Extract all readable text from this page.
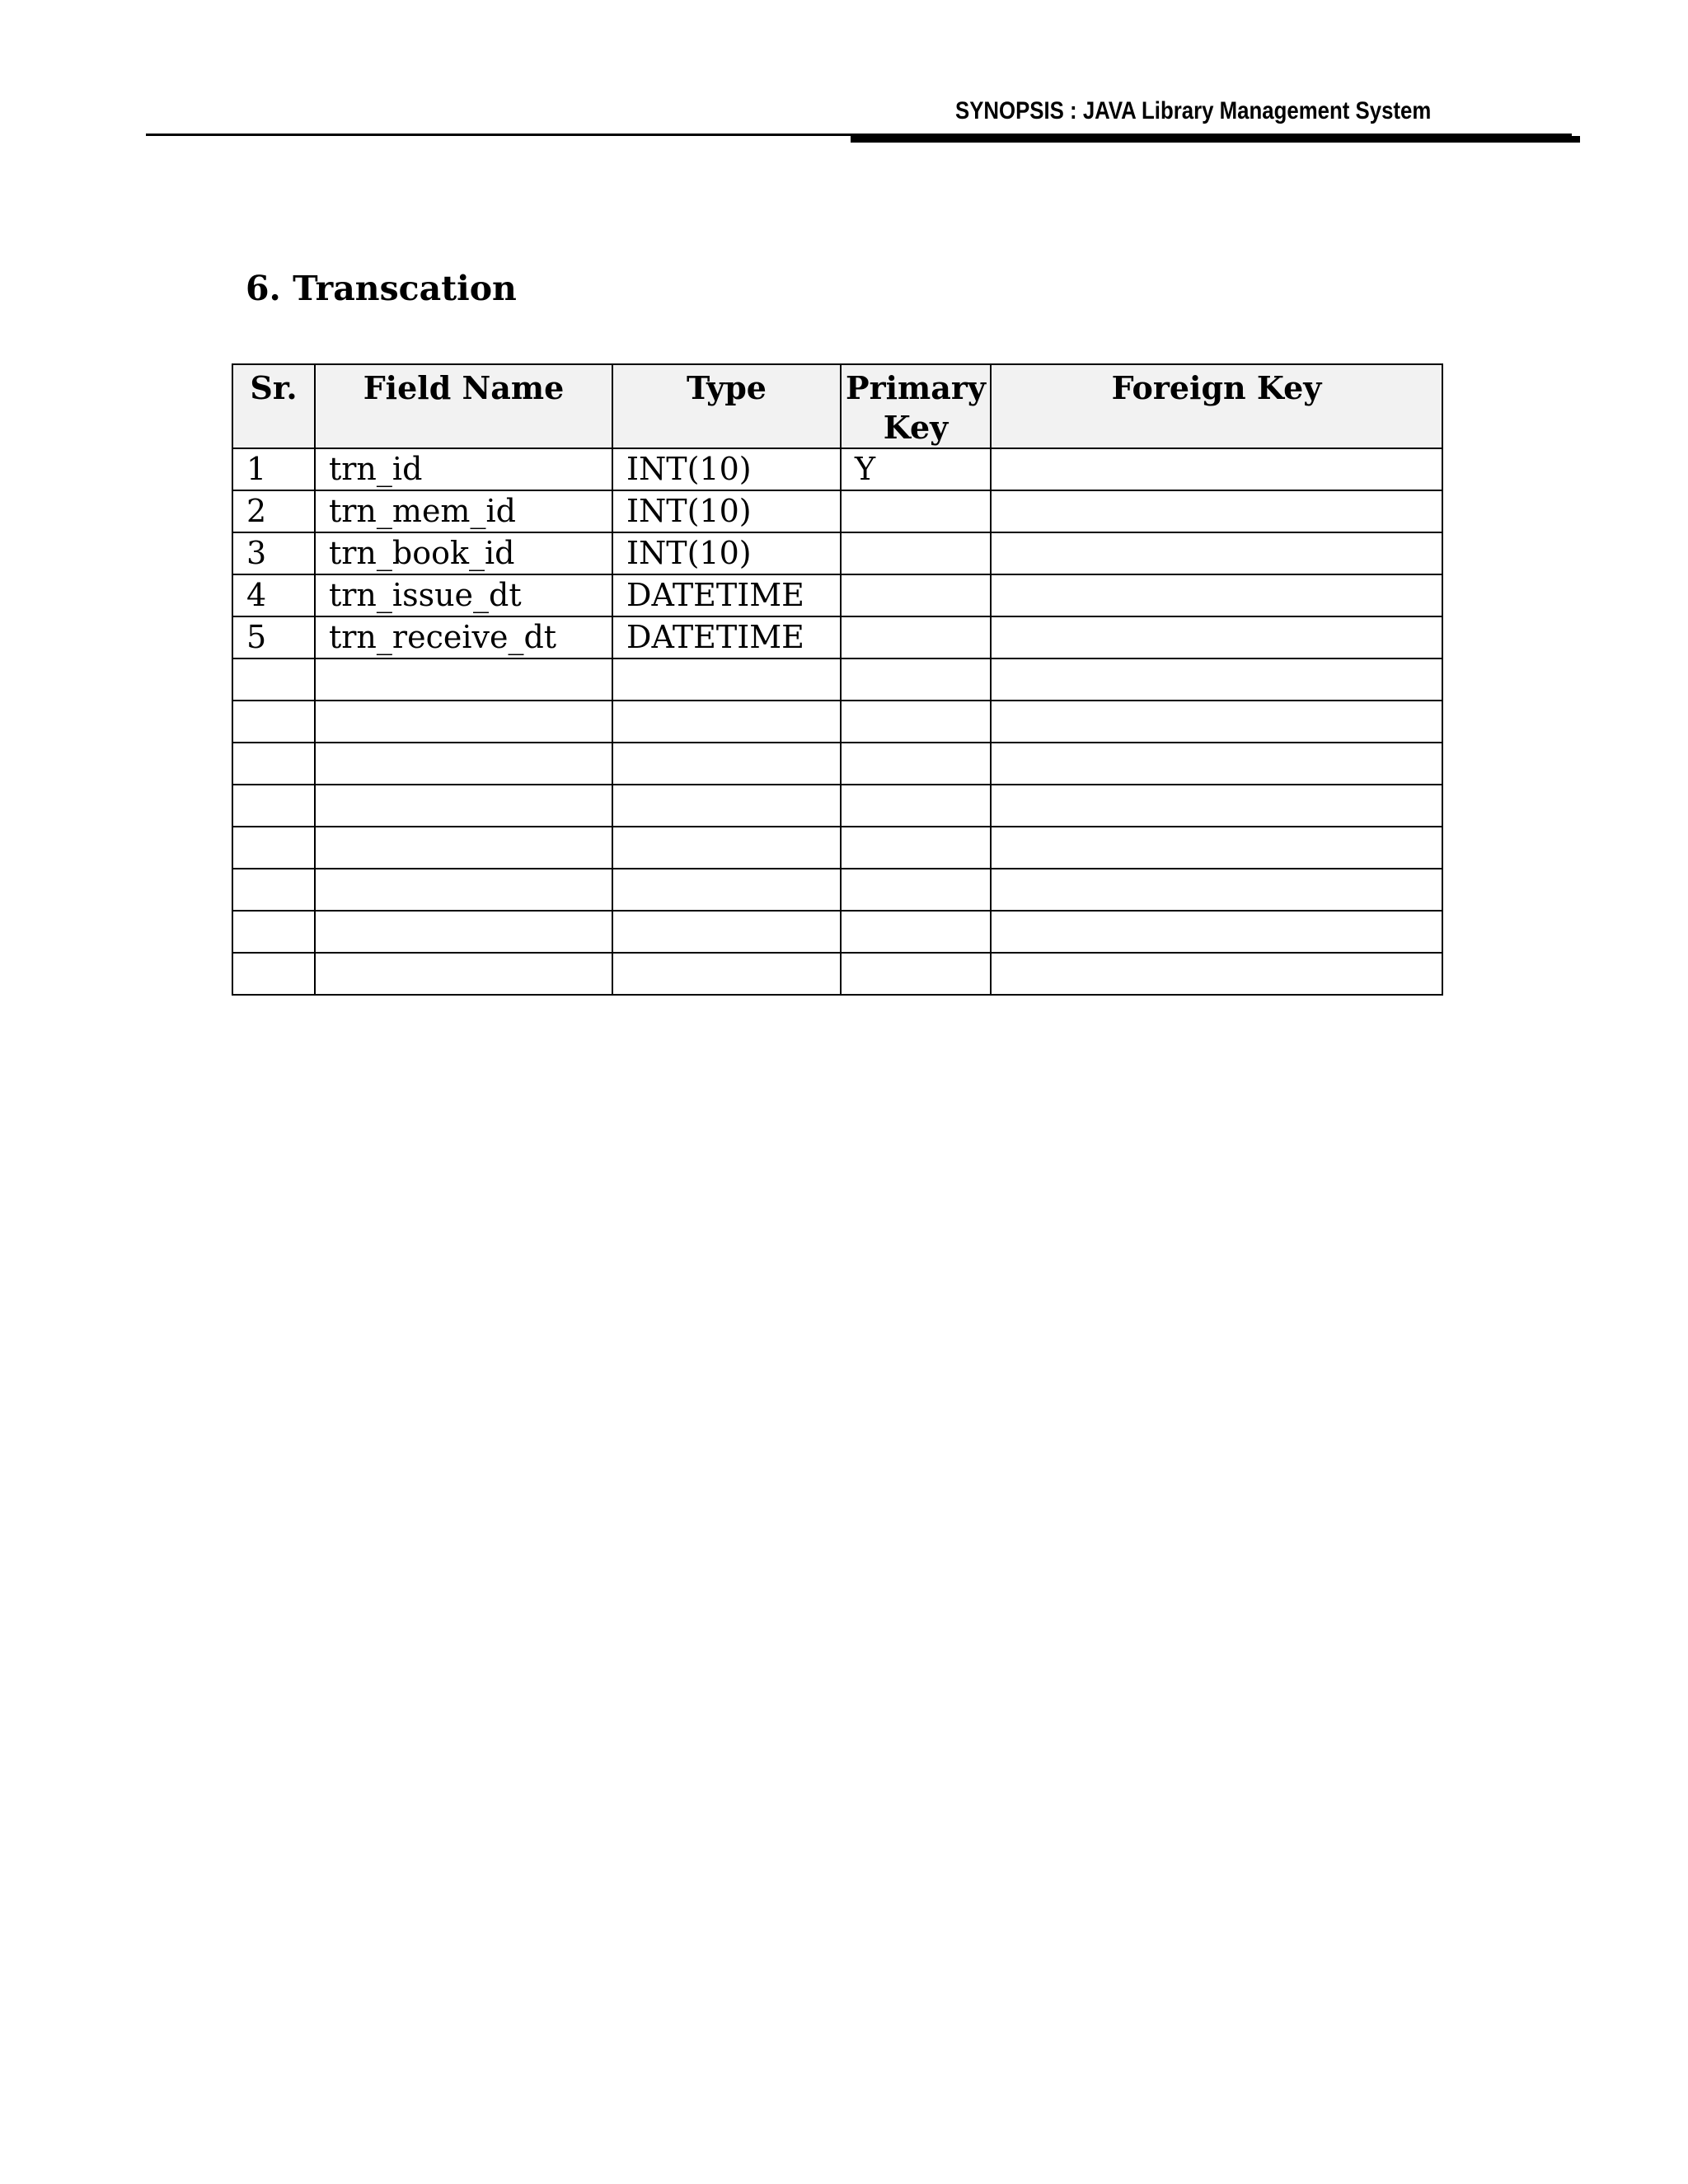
SYNOPSIS : JAVA Library Management System
6. Transcation
Sr.	Field Name	Type	Primary Key	Foreign Key
1	trn_id	INT(10)	Y	
2	trn_mem_id	INT(10)		
3	trn_book_id	INT(10)		
4	trn_issue_dt	DATETIME		
5	trn_receive_dt	DATETIME		
